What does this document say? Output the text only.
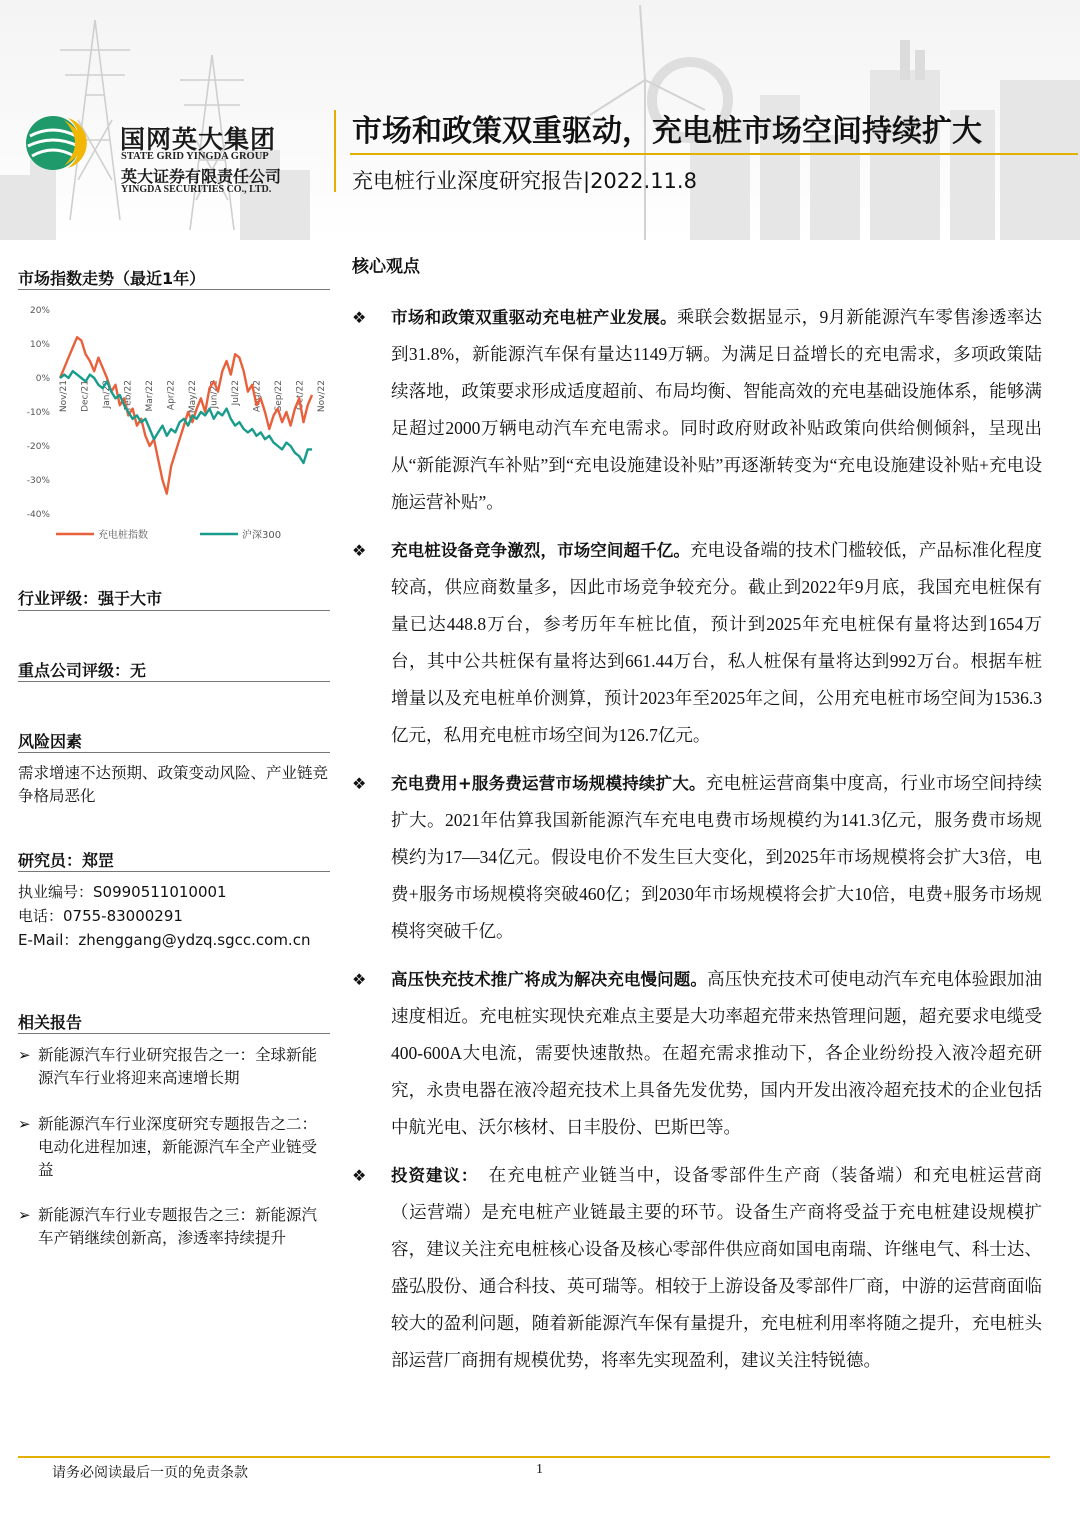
国网英大集团
STATE GRID YINGDA GROUP
英大证券有限责任公司
YINGDA SECURITIES CO., LTD.
市场和政策双重驱动，充电桩市场空间持续扩大
充电桩行业深度研究报告|2022.11.8
市场指数走势（最近1年）
20%
10%
0%
-10%
-20%
-30%
-40%
Nov/21 Dec/21 Jan/22 Feb/22 Mar/22 Apr/22 May/22 Jun/22 Jul/22 Aug/22 Sep/22 Oct/22 Nov/22
充电桩指数	沪深300
行业评级：强于大市
重点公司评级：无
风险因素
需求增速不达预期、政策变动风险、产业链竞争格局恶化
研究员：郑罡
执业编号：S0990511010001
电话：0755-83000291
E-Mail：zhenggang@ydzq.sgcc.com.cn
相关报告
➢ 新能源汽车行业研究报告之一：全球新能源汽车行业将迎来高速增长期
➢ 新能源汽车行业深度研究专题报告之二：电动化进程加速，新能源汽车全产业链受益
➢ 新能源汽车行业专题报告之三：新能源汽车产销继续创新高，渗透率持续提升
核心观点
❖ 市场和政策双重驱动充电桩产业发展。乘联会数据显示，9月新能源汽车零售渗透率达到31.8%，新能源汽车保有量达1149万辆。为满足日益增长的充电需求，多项政策陆续落地，政策要求形成适度超前、布局均衡、智能高效的充电基础设施体系，能够满足超过2000万辆电动汽车充电需求。同时政府财政补贴政策向供给侧倾斜，呈现出从“新能源汽车补贴”到“充电设施建设补贴”再逐渐转变为“充电设施建设补贴+充电设施运营补贴”。
❖ 充电桩设备竞争激烈，市场空间超千亿。充电设备端的技术门槛较低，产品标准化程度较高，供应商数量多，因此市场竞争较充分。截止到2022年9月底，我国充电桩保有量已达448.8万台，参考历年车桩比值，预计到2025年充电桩保有量将达到1654万台，其中公共桩保有量将达到661.44万台，私人桩保有量将达到992万台。根据车桩增量以及充电桩单价测算，预计2023年至2025年之间，公用充电桩市场空间为1536.3亿元，私用充电桩市场空间为126.7亿元。
❖ 充电费用+服务费运营市场规模持续扩大。充电桩运营商集中度高，行业市场空间持续扩大。2021年估算我国新能源汽车充电电费市场规模约为141.3亿元，服务费市场规模约为17—34亿元。假设电价不发生巨大变化，到2025年市场规模将会扩大3倍，电费+服务市场规模将突破460亿；到2030年市场规模将会扩大10倍，电费+服务市场规模将突破千亿。
❖ 高压快充技术推广将成为解决充电慢问题。高压快充技术可使电动汽车充电体验跟加油速度相近。充电桩实现快充难点主要是大功率超充带来热管理问题，超充要求电缆受400-600A大电流，需要快速散热。在超充需求推动下，各企业纷纷投入液冷超充研究，永贵电器在液冷超充技术上具备先发优势，国内开发出液冷超充技术的企业包括中航光电、沃尔核材、日丰股份、巴斯巴等。
❖ 投资建议：　在充电桩产业链当中，设备零部件生产商（装备端）和充电桩运营商（运营端）是充电桩产业链最主要的环节。设备生产商将受益于充电桩建设规模扩容，建议关注充电桩核心设备及核心零部件供应商如国电南瑞、许继电气、科士达、盛弘股份、通合科技、英可瑞等。相较于上游设备及零部件厂商，中游的运营商面临较大的盈利问题，随着新能源汽车保有量提升，充电桩利用率将随之提升，充电桩头部运营厂商拥有规模优势，将率先实现盈利，建议关注特锐德。
请务必阅读最后一页的免责条款	1
